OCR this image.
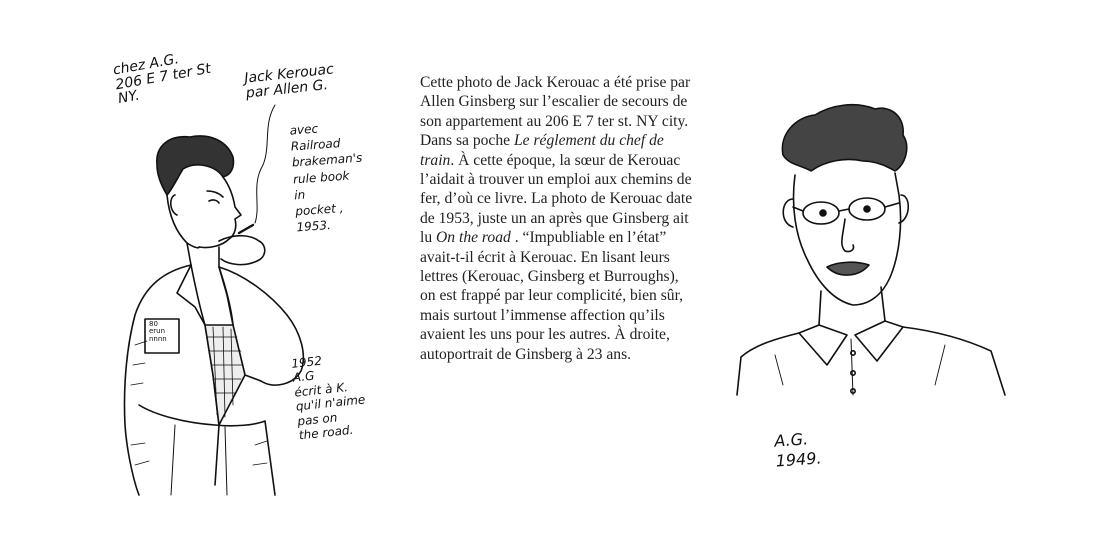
chez A.G.
206 E 7 ter St
NY.
Jack Kerouac
par Allen G.
avec
Railroad
brakeman's
rule book
in
pocket ,
1953.
80
erun
nnnn
1952
A.G
écrit à K.
qu'il n'aime
pas on
the road.

Cette photo de Jack Kerouac a été prise par Allen Ginsberg sur l’escalier de secours de son appartement au 206 E 7 ter st. NY city. Dans sa poche Le réglement du chef de train. À cette époque, la sœur de Kerouac l’aidait à trouver un emploi aux chemins de fer, d’où ce livre. La photo de Kerouac date de 1953, juste un an après que Ginsberg ait lu On the road . “Impubliable en l’état” avait-t-il écrit à Kerouac. En lisant leurs lettres (Kerouac, Ginsberg et Burroughs), on est frappé par leur complicité, bien sûr, mais surtout l’immense affection qu’ils avaient les uns pour les autres. À droite, autoportrait de Ginsberg à 23 ans.

A.G.
1949.
